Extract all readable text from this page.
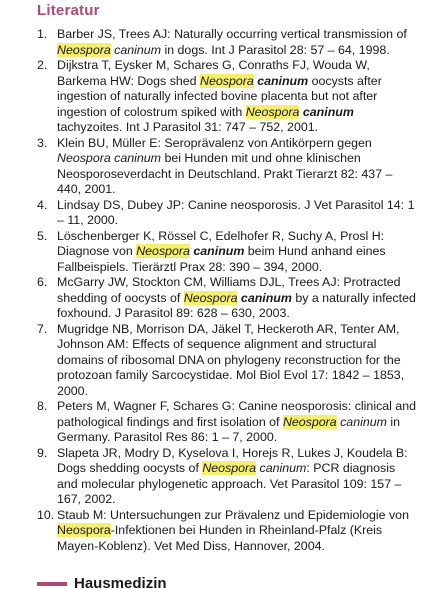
Literatur
1. Barber JS, Trees AJ: Naturally occurring vertical transmission of Neospora caninum in dogs. Int J Parasitol 28: 57 – 64, 1998.
2. Dijkstra T, Eysker M, Schares G, Conraths FJ, Wouda W, Barkema HW: Dogs shed Neospora caninum oocysts after ingestion of naturally infected bovine placenta but not after ingestion of colostrum spiked with Neospora caninum tachyzoites. Int J Parasitol 31: 747 – 752, 2001.
3. Klein BU, Müller E: Seroprävalenz von Antikörpern gegen Neospora caninum bei Hunden mit und ohne klinischen Neosporoseverdacht in Deutschland. Prakt Tierarzt 82: 437 – 440, 2001.
4. Lindsay DS, Dubey JP: Canine neosporosis. J Vet Parasitol 14: 1 – 11, 2000.
5. Löschenberger K, Rössel C, Edelhofer R, Suchy A, Prosl H: Diagnose von Neospora caninum beim Hund anhand eines Fallbeispiels. Tierärztl Prax 28: 390 – 394, 2000.
6. McGarry JW, Stockton CM, Williams DJL, Trees AJ: Protracted shedding of oocysts of Neospora caninum by a naturally infected foxhound. J Parasitol 89: 628 – 630, 2003.
7. Mugridge NB, Morrison DA, Jäkel T, Heckeroth AR, Tenter AM, Johnson AM: Effects of sequence alignment and structural domains of ribosomal DNA on phylogeny reconstruction for the protozoan family Sarcocystidae. Mol Biol Evol 17: 1842 – 1853, 2000.
8. Peters M, Wagner F, Schares G: Canine neosporosis: clinical and pathological findings and first isolation of Neospora caninum in Germany. Parasitol Res 86: 1 – 7, 2000.
9. Slapeta JR, Modry D, Kyselova I, Horejs R, Lukes J, Koudela B: Dogs shedding oocysts of Neospora caninum: PCR diagnosis and molecular phylogenetic approach. Vet Parasitol 109: 157 – 167, 2002.
10. Staub M: Untersuchungen zur Prävalenz und Epidemiologie von Neospora-Infektionen bei Hunden in Rheinland-Pfalz (Kreis Mayen-Koblenz). Vet Med Diss, Hannover, 2004.
Hausmedizin
